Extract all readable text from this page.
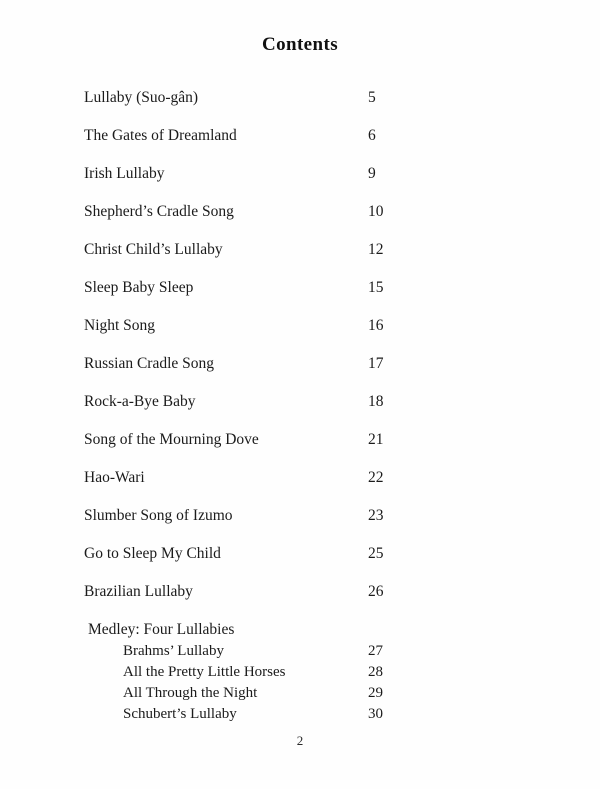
Contents
Lullaby (Suo-gân)	5
The Gates of Dreamland	6
Irish Lullaby	9
Shepherd’s Cradle Song	10
Christ Child’s Lullaby	12
Sleep Baby Sleep	15
Night Song	16
Russian Cradle Song	17
Rock-a-Bye Baby	18
Song of the Mourning Dove	21
Hao-Wari	22
Slumber Song of Izumo	23
Go to Sleep My Child	25
Brazilian Lullaby	26
Medley: Four Lullabies
Brahms’ Lullaby	27
All the Pretty Little Horses	28
All Through the Night	29
Schubert’s Lullaby	30
2
